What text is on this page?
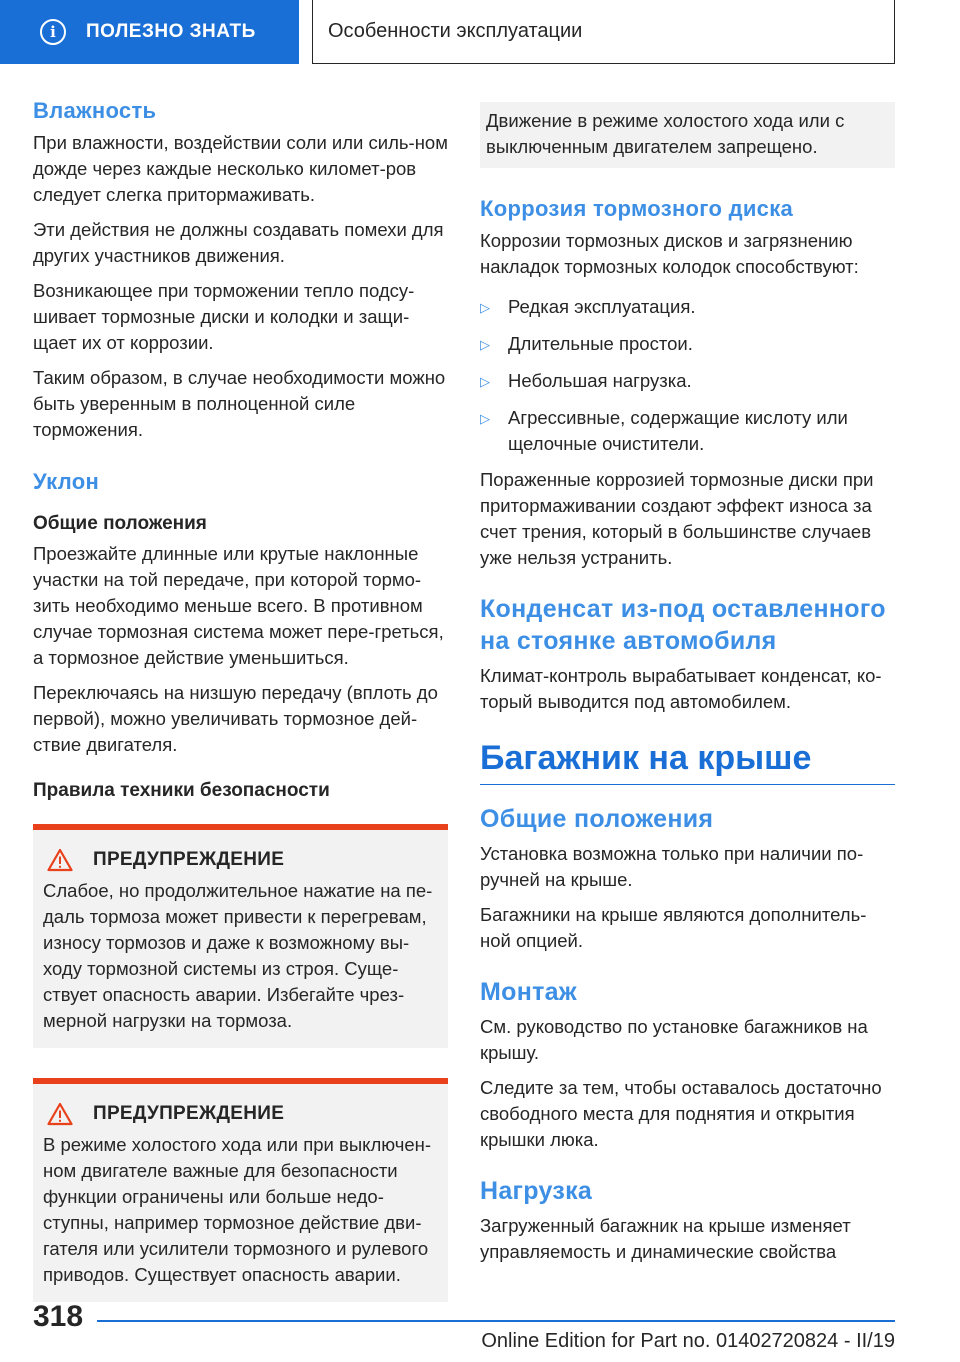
i	ПОЛЕЗНО ЗНАТЬ	Особенности эксплуатации
Влажность

При влажности, воздействии соли или силь-ном дожде через каждые несколько километ-ров следует слегка притормаживать.

Эти действия не должны создавать помехи для других участников движения.

Возникающее при торможении тепло подсу-шивает тормозные диски и колодки и защи-щает их от коррозии.

Таким образом, в случае необходимости можно быть уверенным в полноценной силе торможения.

Уклон
Общие положения

Проезжайте длинные или крутые наклонные участки на той передаче, при которой тормо-зить необходимо меньше всего. В противном случае тормозная система может пере-греться, а тормозное действие уменьшиться.

Переключаясь на низшую передачу (вплоть до первой), можно увеличивать тормозное дей-ствие двигателя.

Правила техники безопасности
ПРЕДУПРЕЖДЕНИЕ

Слабое, но продолжительное нажатие на пе-даль тормоза может привести к перегревам, износу тормозов и даже к возможному вы-ходу тормозной системы из строя. Суще-ствует опасность аварии. Избегайте чрез-мерной нагрузки на тормоза.

ПРЕДУПРЕЖДЕНИЕ

В режиме холостого хода или при выключен-ном двигателе важные для безопасности функции ограничены или больше недо-ступны, например тормозное действие дви-гателя или усилители тормозного и рулевого приводов. Существует опасность аварии.

Движение в режиме холостого хода или с выключенным двигателем запрещено.

Коррозия тормозного диска

Коррозии тормозных дисков и загрязнению накладок тормозных колодок способствуют:

▷ Редкая эксплуатация.
▷ Длительные простои.
▷ Небольшая нагрузка.
▷ Агрессивные, содержащие кислоту или щелочные очистители.

Пораженные коррозией тормозные диски при притормаживании создают эффект износа за счет трения, который в большинстве случаев уже нельзя устранить.

Конденсат из-под оставленного на стоянке автомобиля

Климат-контроль вырабатывает конденсат, ко-торый выводится под автомобилем.

Багажник на крыше
Общие положения

Установка возможна только при наличии по-ручней на крыше.

Багажники на крыше являются дополнитель-ной опцией.

Монтаж

См. руководство по установке багажников на крышу.

Следите за тем, чтобы оставалось достаточно свободного места для поднятия и открытия крышки люка.

Нагрузка

Загруженный багажник на крыше изменяет управляемость и динамические свойства

318
Online Edition for Part no. 01402720824 - II/19
